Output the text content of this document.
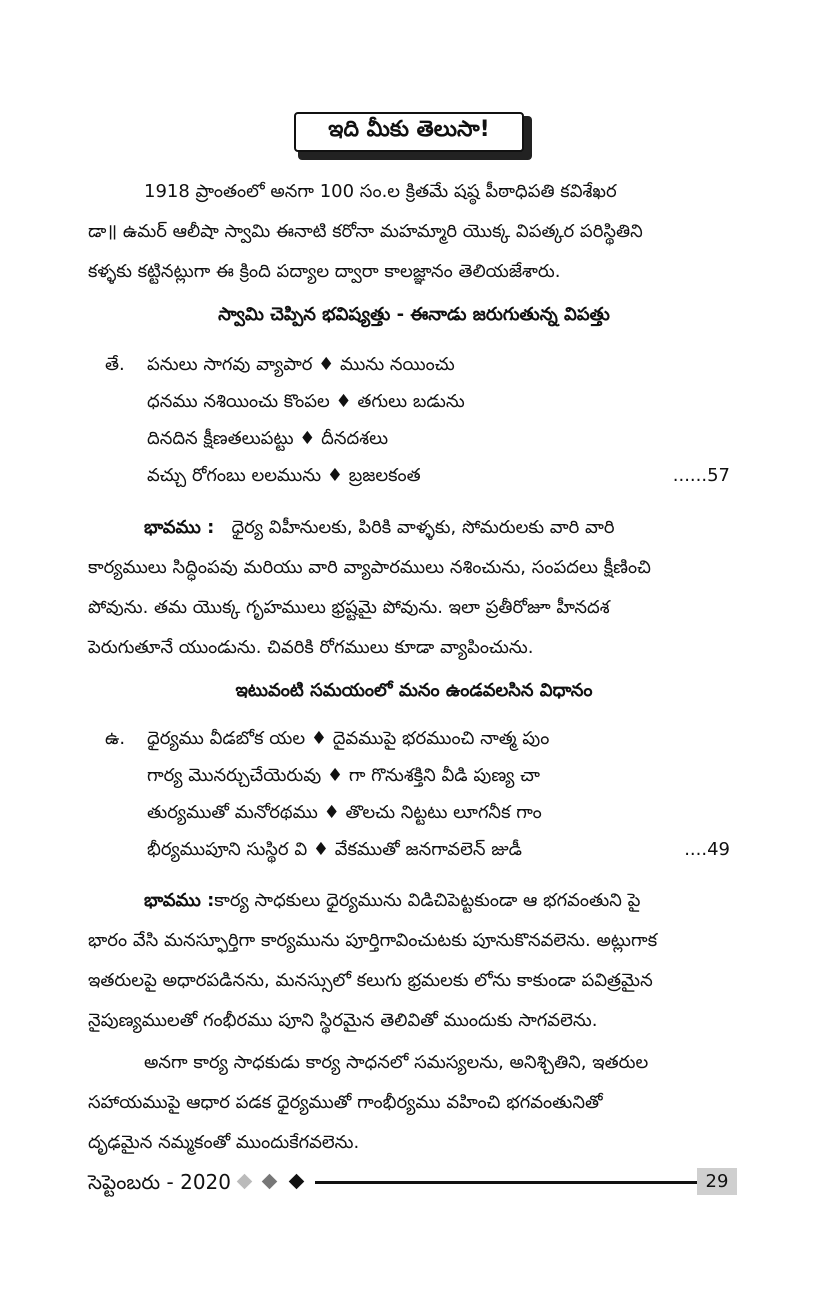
ఇది మీకు తెలుసా!

1918 ప్రాంతంలో అనగా 100 సం.ల క్రితమే షష్ఠ పీఠాధిపతి కవిశేఖర

డా॥ ఉమర్ ఆలీషా స్వామి ఈనాటి కరోనా మహమ్మారి యొక్క విపత్కర పరిస్థితిని

కళ్ళకు కట్టినట్లుగా ఈ క్రింది పద్యాల ద్వారా కాలజ్ఞానం తెలియజేశారు.

స్వామి చెప్పిన భవిష్యత్తు - ఈనాడు జరుగుతున్న విపత్తు
తే. పనులు సాగవు వ్యాపార ♦ మును నయించు
ధనము నశియించు కొంపల ♦ తగులు బడును
దినదిన క్షీణతలుపట్టు ♦ దీనదశలు
వచ్చు రోగంబు లలమును ♦ బ్రజలకంత	......57

భావము : ధైర్య విహీనులకు, పిరికి వాళ్ళకు, సోమరులకు వారి వారి

కార్యములు సిద్ధింపవు మరియు వారి వ్యాపారములు నశించును, సంపదలు క్షీణించి

పోవును. తమ యొక్క గృహములు భ్రష్టమై పోవును. ఇలా ప్రతీరోజూ హీనదశ

పెరుగుతూనే యుండును. చివరికి రోగములు కూడా వ్యాపించును.

ఇటువంటి సమయంలో మనం ఉండవలసిన విధానం
ఉ. ధైర్యము వీడబోక యల ♦ దైవముపై భరముంచి నాత్మ పుం
గార్య మొనర్చుచేయెరువు ♦ గా గొనుశక్తిని వీడి పుణ్య చా
తుర్యముతో మనోరథము ♦ తొలచు నిట్టటు లూగనీక గాం
భీర్యముపూని సుస్థిర వి ♦ వేకముతో జనగావలెన్ జుడీ	....49

భావము :కార్య సాధకులు ధైర్యమును విడిచిపెట్టకుండా ఆ భగవంతుని పై

భారం వేసి మనస్ఫూర్తిగా కార్యమును పూర్తిగావించుటకు పూనుకొనవలెను. అట్లుగాక

ఇతరులపై అధారపడినను, మనస్సులో కలుగు భ్రమలకు లోను కాకుండా పవిత్రమైన

నైపుణ్యములతో గంభీరము పూని స్థిరమైన తెలివితో ముందుకు సాగవలెను.

అనగా కార్య సాధకుడు కార్య సాధనలో సమస్యలను, అనిశ్చితిని, ఇతరుల

సహాయముపై ఆధార పడక ధైర్యముతో గాంభీర్యము వహించి భగవంతునితో

దృఢమైన నమ్మకంతో ముందుకేగవలెను.

సెప్టెంబరు - 2020	29
